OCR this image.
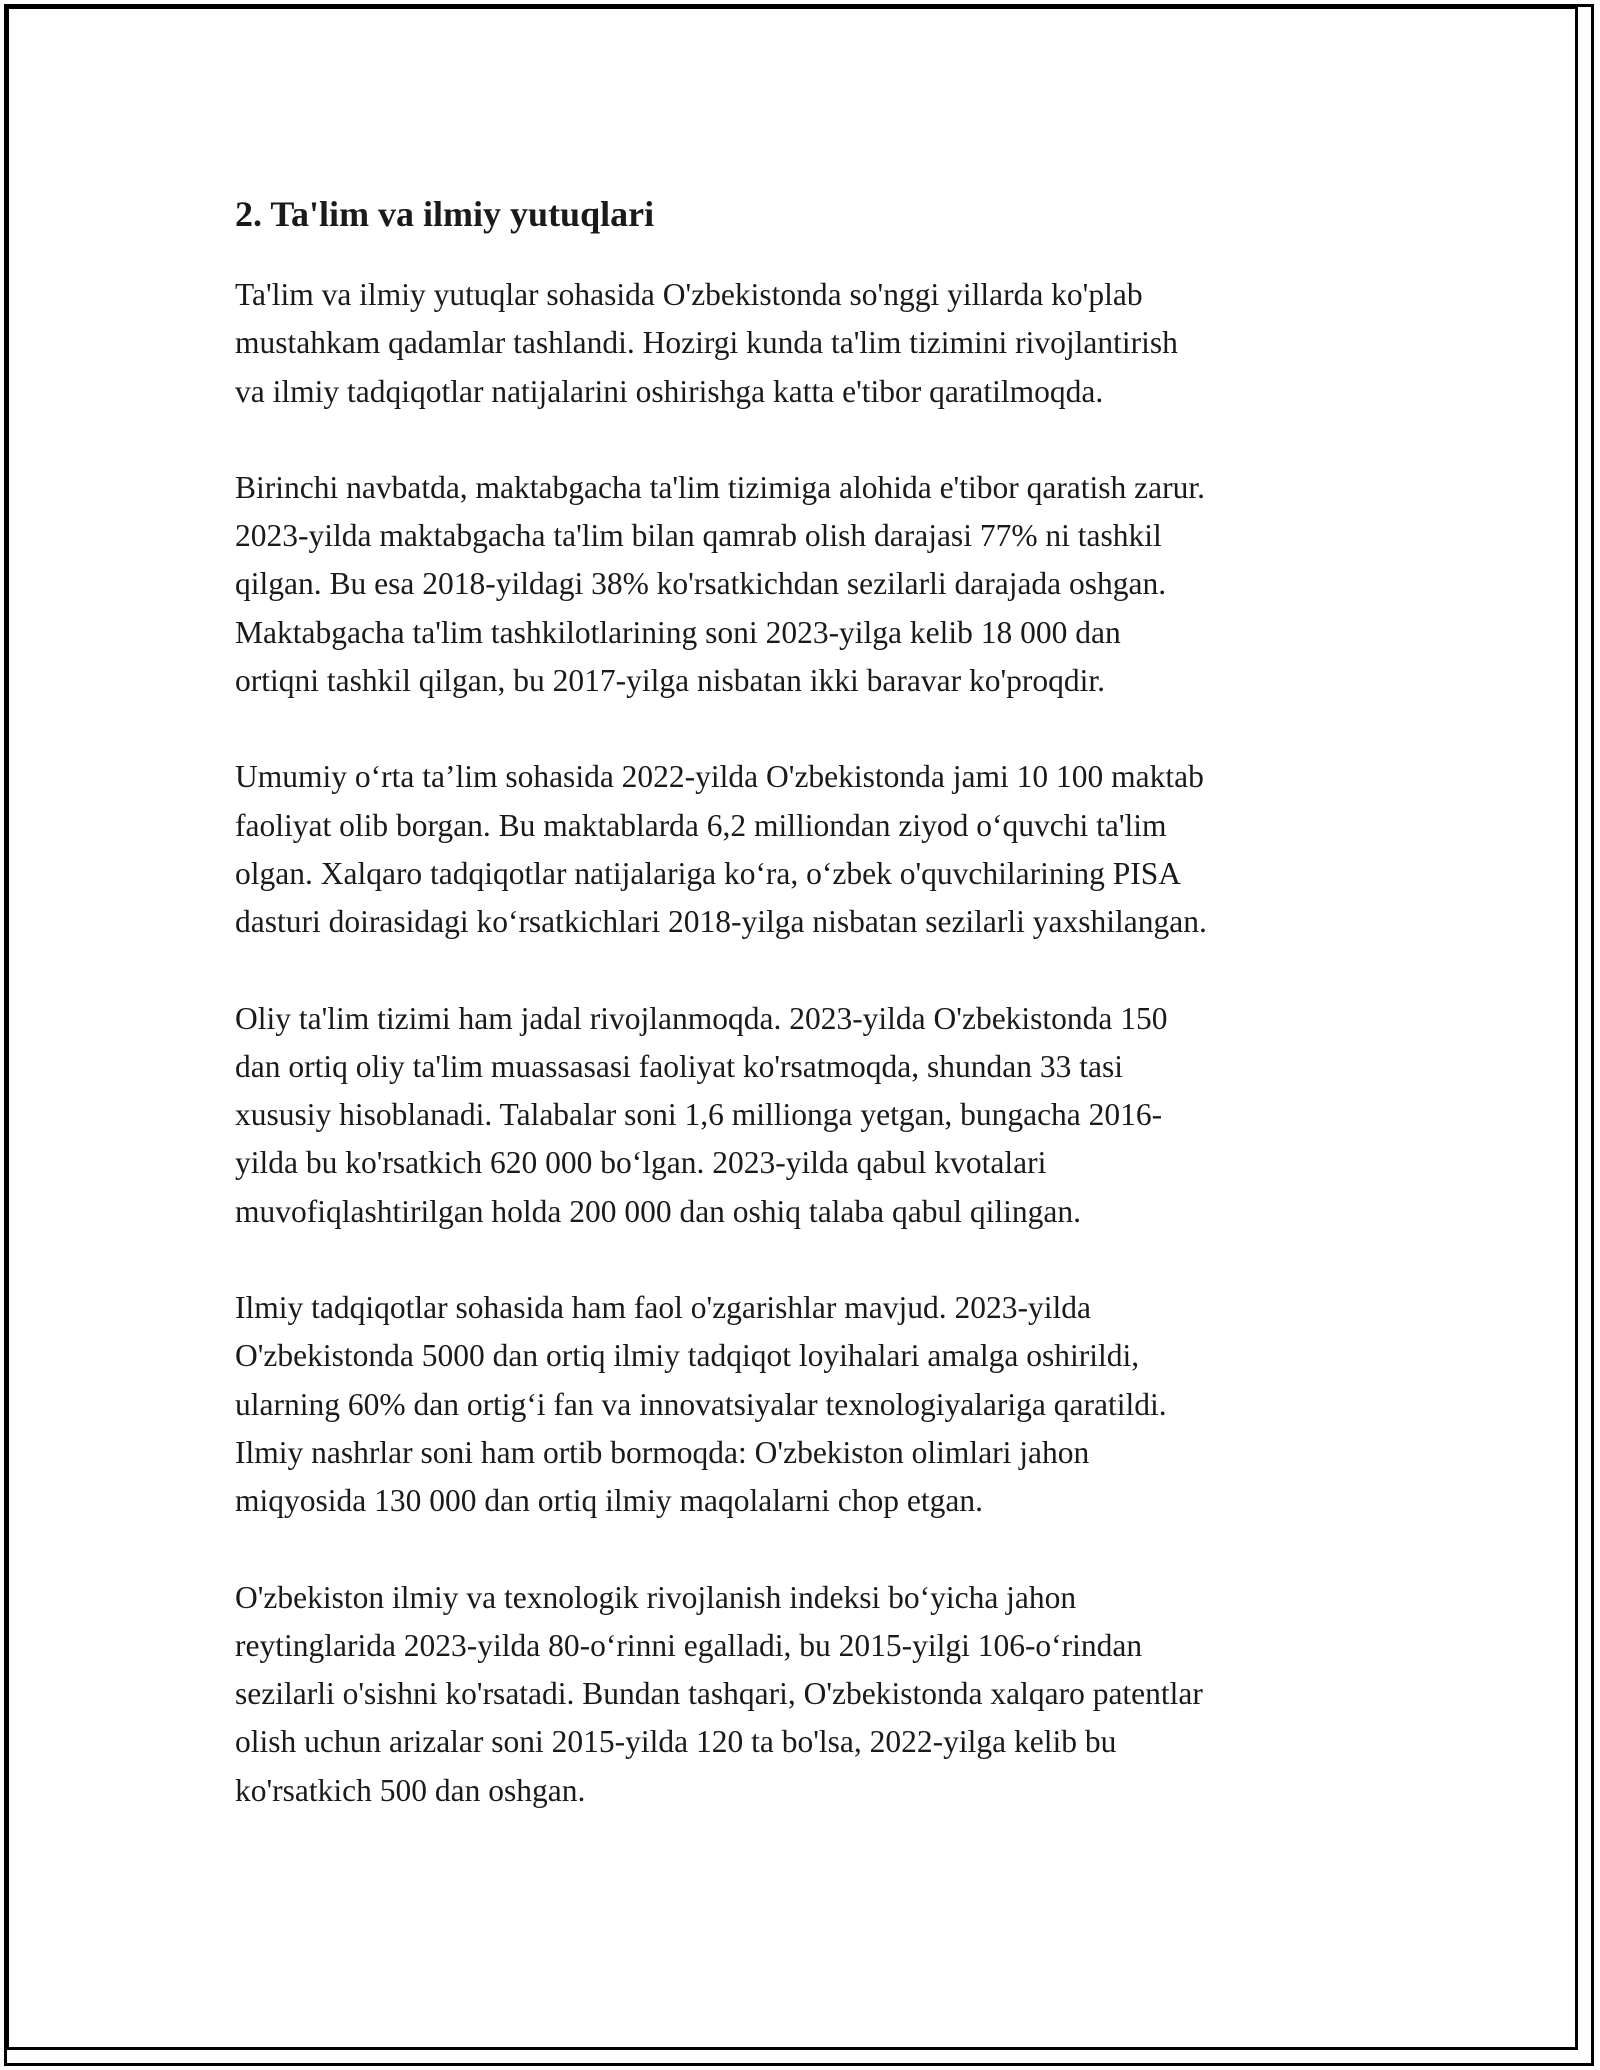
2. Ta'lim va ilmiy yutuqlari

Ta'lim va ilmiy yutuqlar sohasida O'zbekistonda so'nggi yillarda ko'plab
mustahkam qadamlar tashlandi. Hozirgi kunda ta'lim tizimini rivojlantirish
va ilmiy tadqiqotlar natijalarini oshirishga katta e'tibor qaratilmoqda.

Birinchi navbatda, maktabgacha ta'lim tizimiga alohida e'tibor qaratish zarur.
2023-yilda maktabgacha ta'lim bilan qamrab olish darajasi 77% ni tashkil
qilgan. Bu esa 2018-yildagi 38% ko'rsatkichdan sezilarli darajada oshgan.
Maktabgacha ta'lim tashkilotlarining soni 2023-yilga kelib 18 000 dan
ortiqni tashkil qilgan, bu 2017-yilga nisbatan ikki baravar ko'proqdir.

Umumiy o‘rta ta’lim sohasida 2022-yilda O'zbekistonda jami 10 100 maktab
faoliyat olib borgan. Bu maktablarda 6,2 milliondan ziyod o‘quvchi ta'lim
olgan. Xalqaro tadqiqotlar natijalariga ko‘ra, o‘zbek o'quvchilarining PISA
dasturi doirasidagi ko‘rsatkichlari 2018-yilga nisbatan sezilarli yaxshilangan.

Oliy ta'lim tizimi ham jadal rivojlanmoqda. 2023-yilda O'zbekistonda 150
dan ortiq oliy ta'lim muassasasi faoliyat ko'rsatmoqda, shundan 33 tasi
xususiy hisoblanadi. Talabalar soni 1,6 millionga yetgan, bungacha 2016-
yilda bu ko'rsatkich 620 000 bo‘lgan. 2023-yilda qabul kvotalari
muvofiqlashtirilgan holda 200 000 dan oshiq talaba qabul qilingan.

Ilmiy tadqiqotlar sohasida ham faol o'zgarishlar mavjud. 2023-yilda
O'zbekistonda 5000 dan ortiq ilmiy tadqiqot loyihalari amalga oshirildi,
ularning 60% dan ortig‘i fan va innovatsiyalar texnologiyalariga qaratildi.
Ilmiy nashrlar soni ham ortib bormoqda: O'zbekiston olimlari jahon
miqyosida 130 000 dan ortiq ilmiy maqolalarni chop etgan.

O'zbekiston ilmiy va texnologik rivojlanish indeksi bo‘yicha jahon
reytinglarida 2023-yilda 80-o‘rinni egalladi, bu 2015-yilgi 106-o‘rindan
sezilarli o'sishni ko'rsatadi. Bundan tashqari, O'zbekistonda xalqaro patentlar
olish uchun arizalar soni 2015-yilda 120 ta bo'lsa, 2022-yilga kelib bu
ko'rsatkich 500 dan oshgan.
